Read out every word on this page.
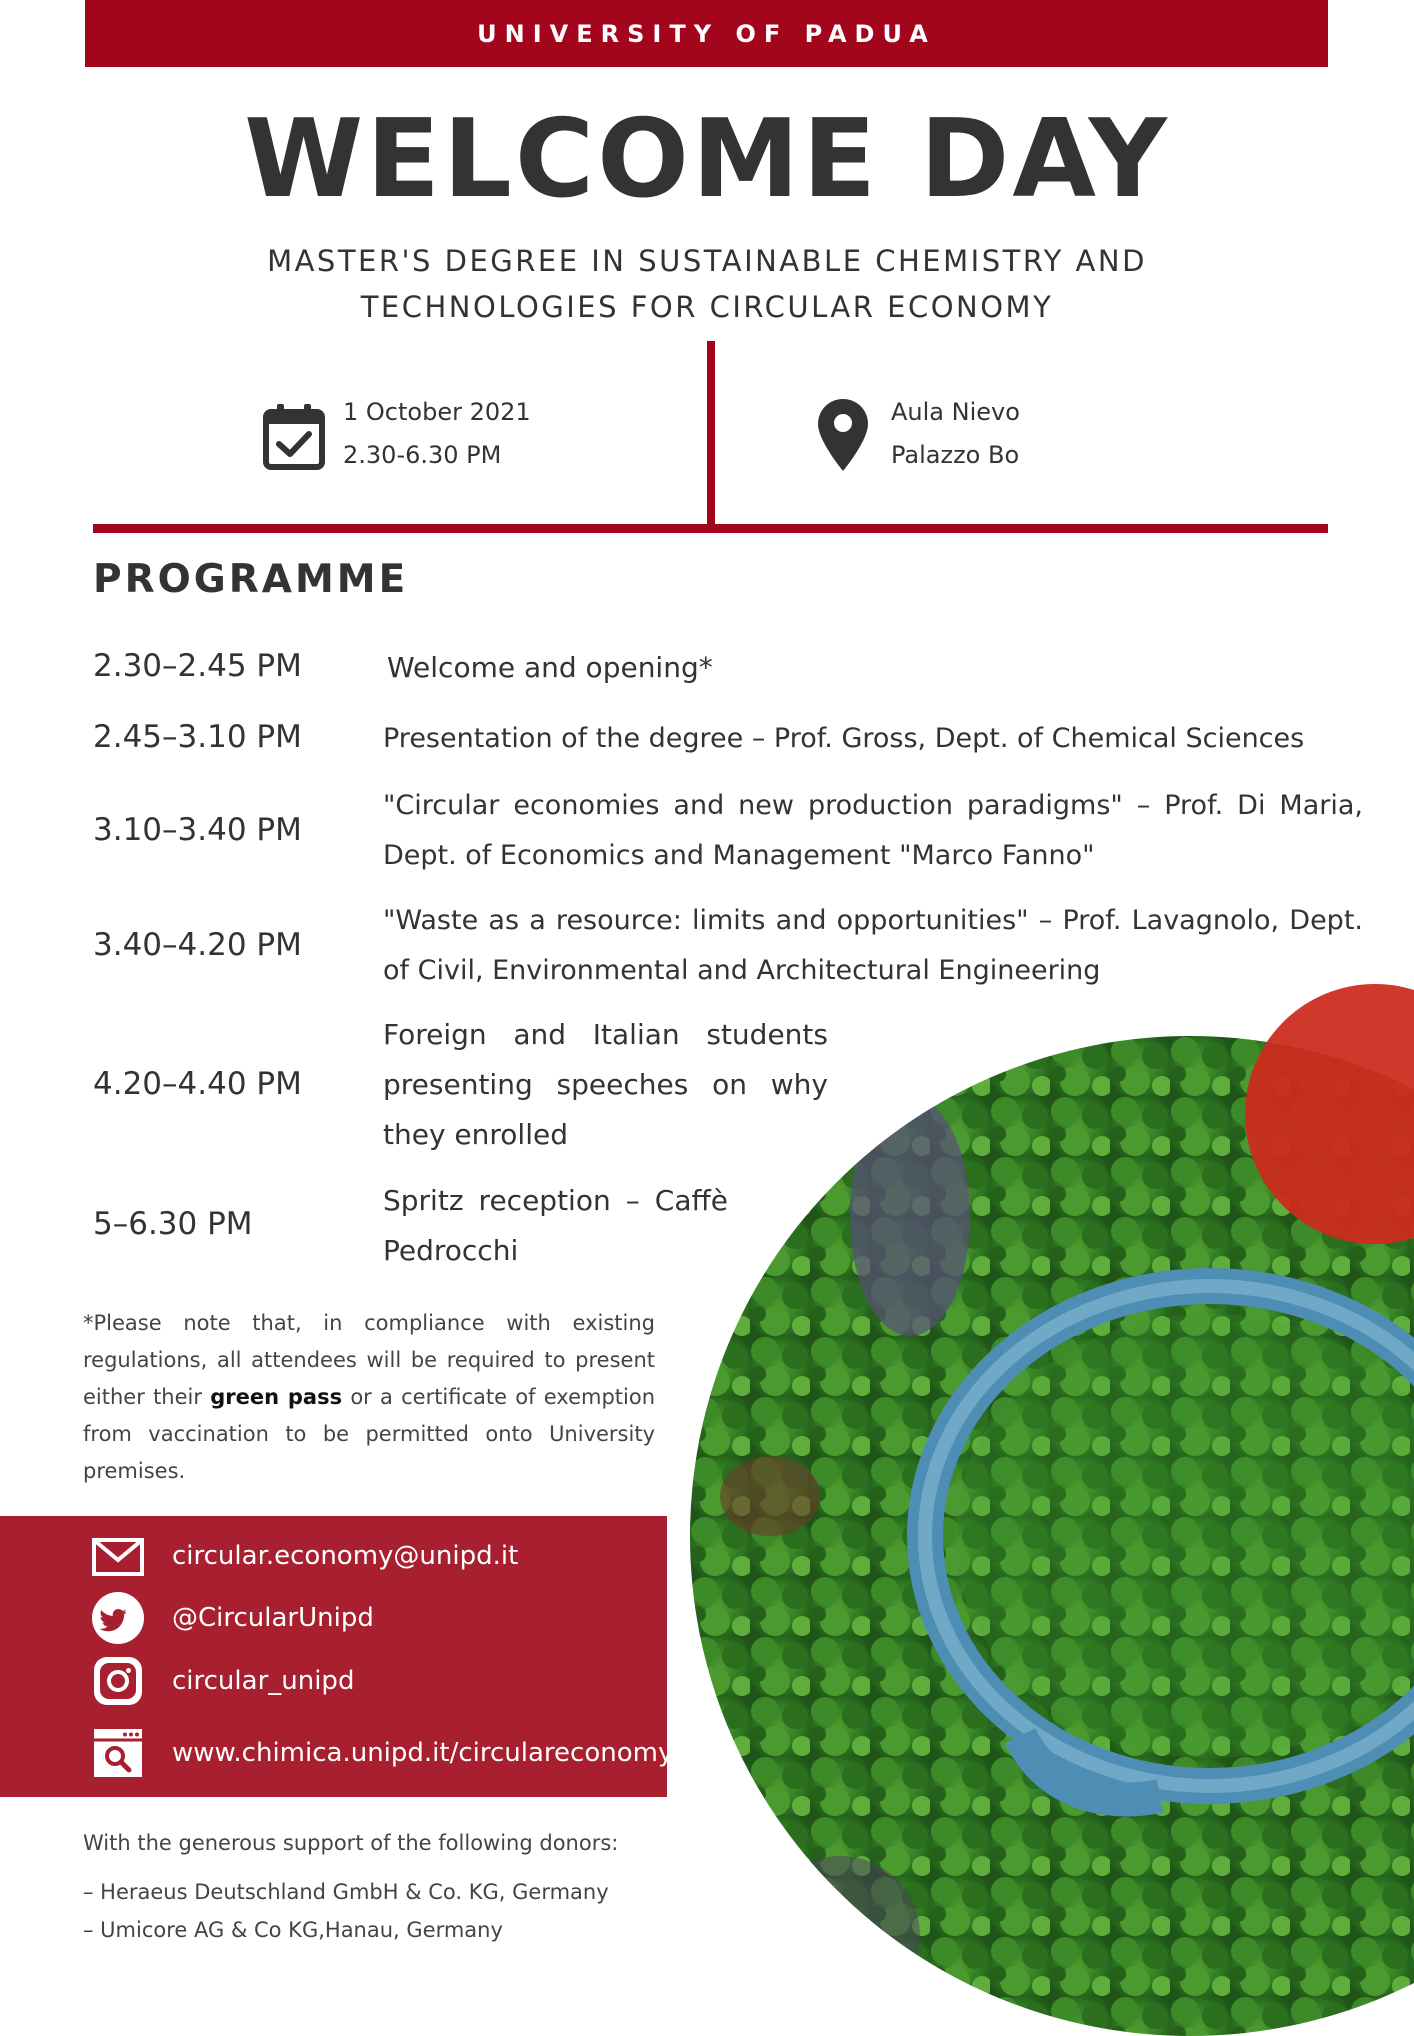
UNIVERSITY OF PADUA
WELCOME DAY
MASTER'S DEGREE IN SUSTAINABLE CHEMISTRY AND
TECHNOLOGIES FOR CIRCULAR ECONOMY
1 October 2021
2.30-6.30 PM
Aula Nievo
Palazzo Bo
PROGRAMME
2.30–2.45 PM	Welcome and opening*
2.45–3.10 PM	Presentation of the degree – Prof. Gross, Dept. of Chemical Sciences
3.10–3.40 PM
"Circular economies and new production paradigms" – Prof. Di Maria,
Dept. of Economics and Management "Marco Fanno"
3.40–4.20 PM
"Waste as a resource: limits and opportunities" – Prof. Lavagnolo, Dept.
of Civil, Environmental and Architectural Engineering
4.20–4.40 PM
Foreign and Italian students
presenting speeches on why
they enrolled
5–6.30 PM
Spritz reception – Caffè
Pedrocchi
*Please note that, in compliance with existing regulations, all attendees will be required to present either their green pass or a certificate of exemption from vaccination to be permitted onto University premises.
circular.economy@unipd.it
@CircularUnipd
circular_unipd
www.chimica.unipd.it/circulareconomy
With the generous support of the following donors:
– Heraeus Deutschland GmbH & Co. KG, Germany
– Umicore AG & Co KG,Hanau, Germany
